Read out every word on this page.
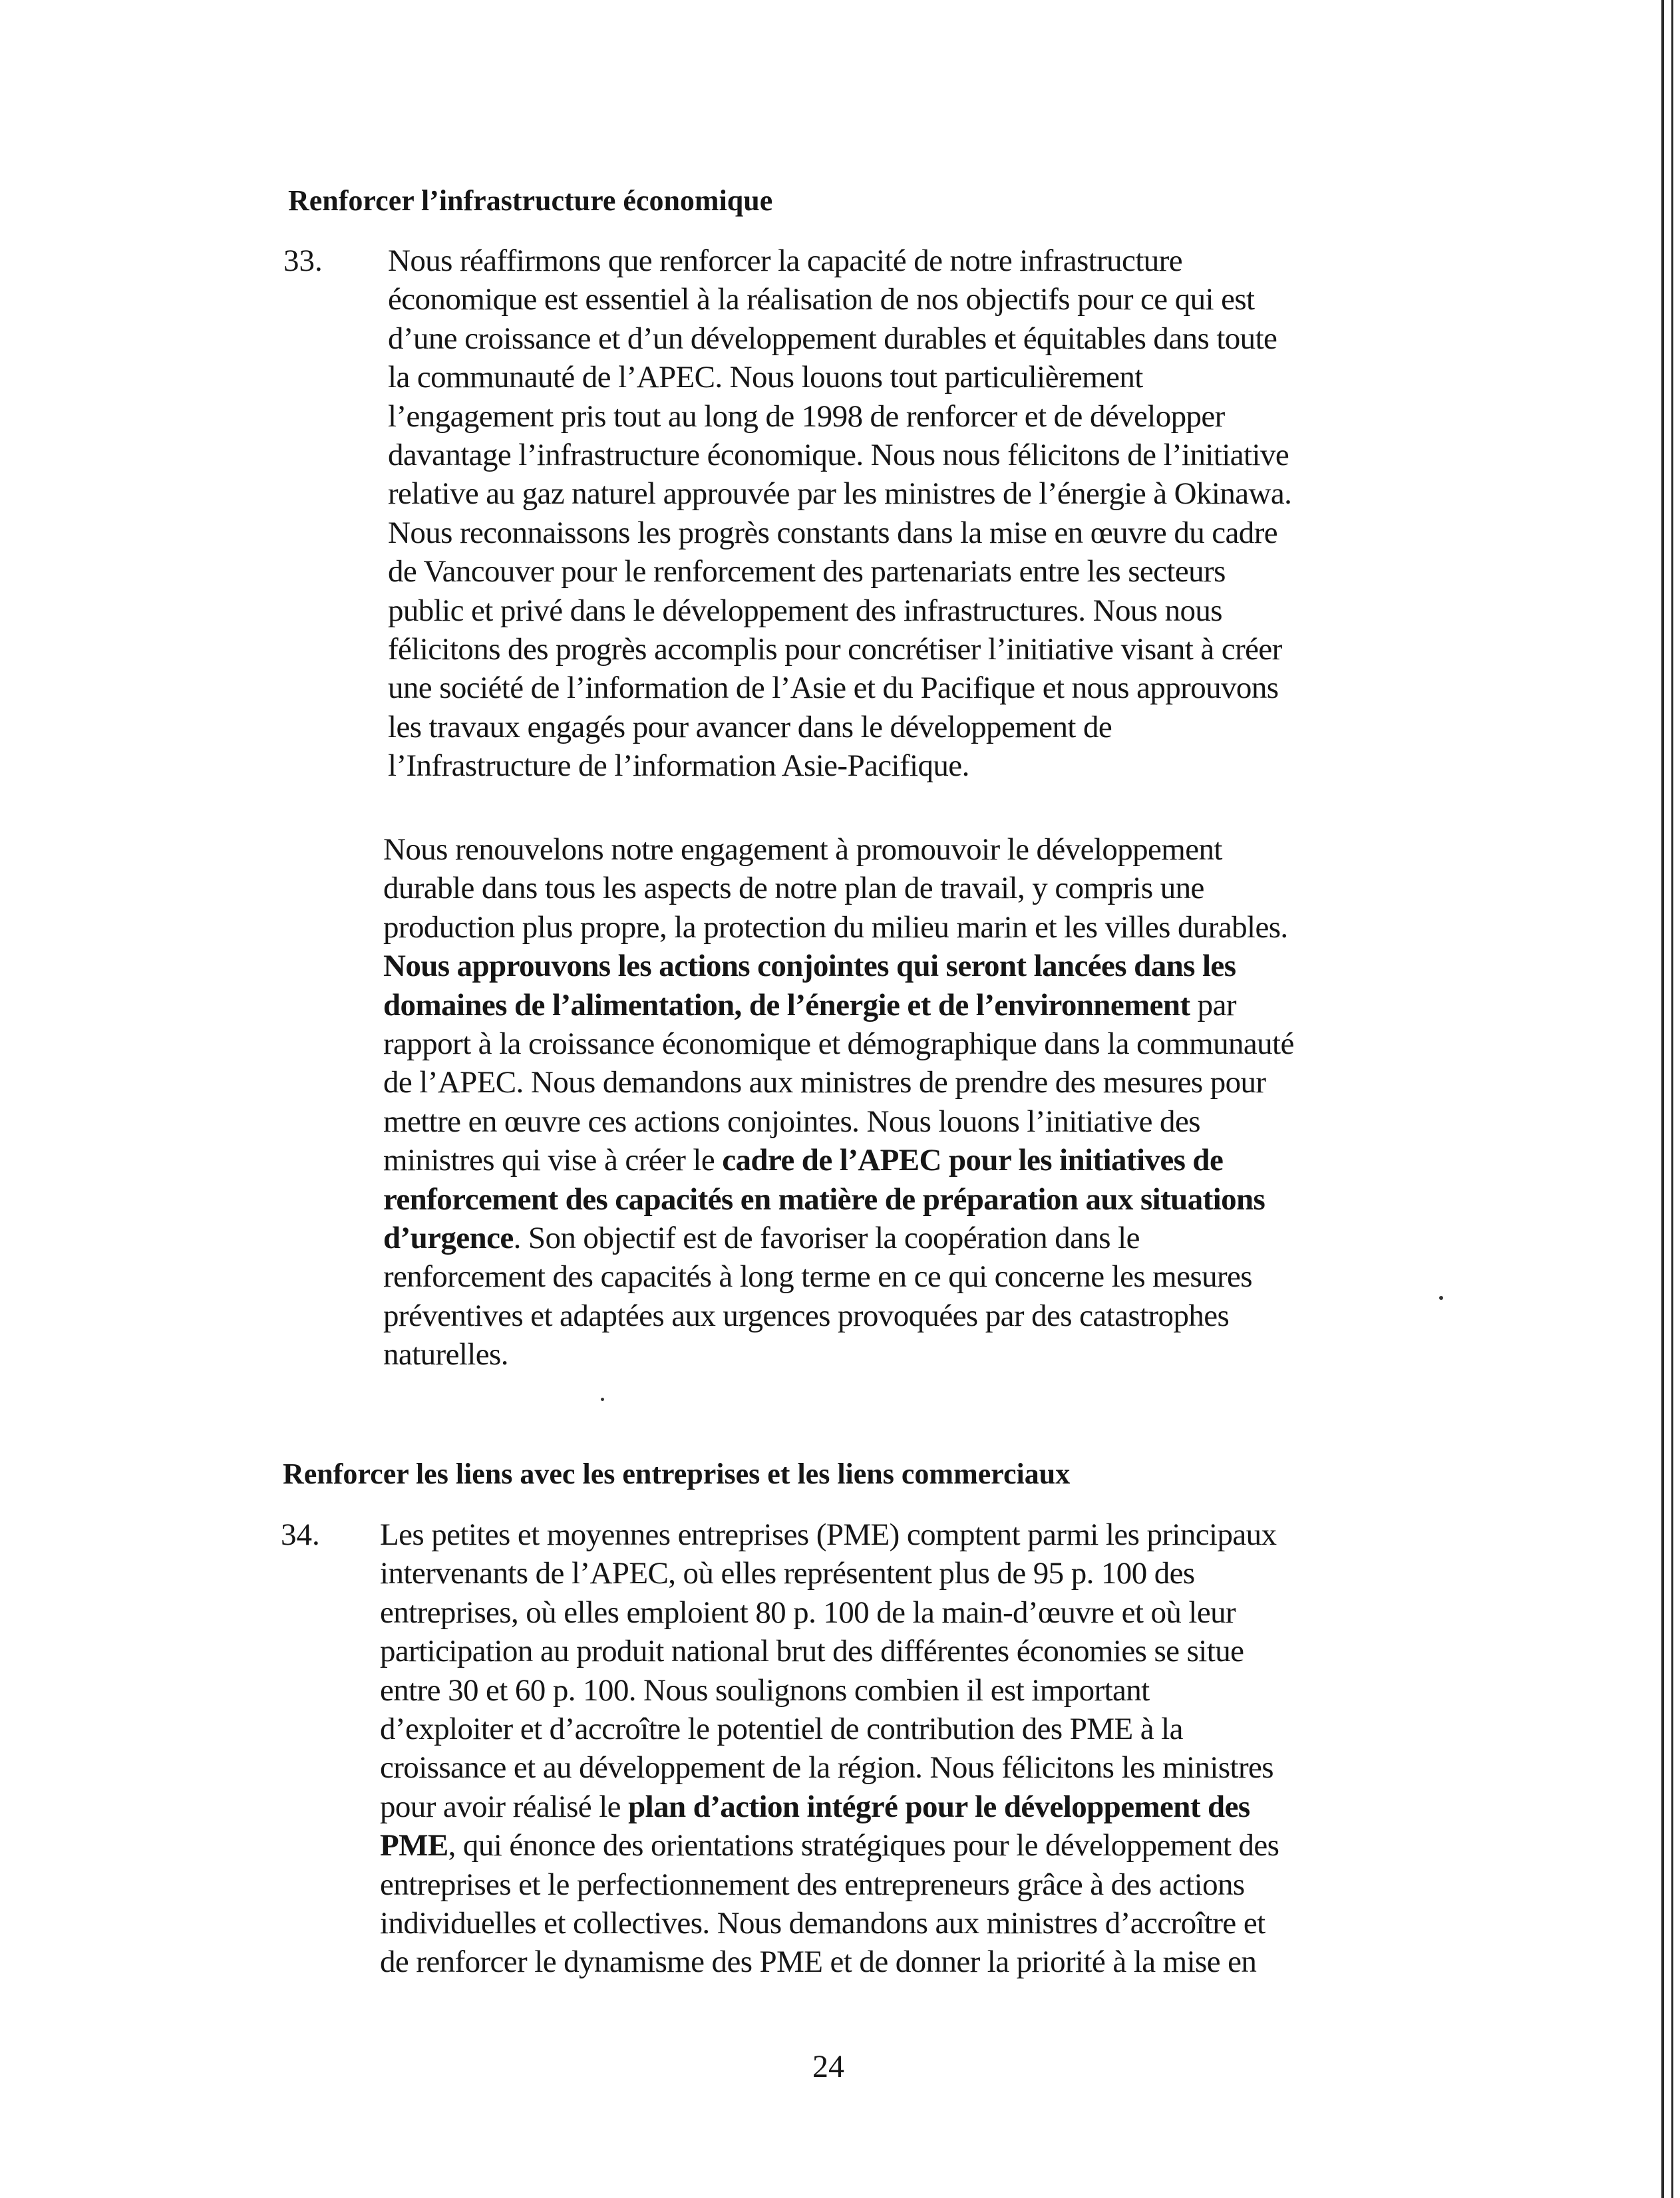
Renforcer l’infrastructure économique
33. Nous réaffirmons que renforcer la capacité de notre infrastructure
économique est essentiel à la réalisation de nos objectifs pour ce qui est
d’une croissance et d’un développement durables et équitables dans toute
la communauté de l’APEC. Nous louons tout particulièrement
l’engagement pris tout au long de 1998 de renforcer et de développer
davantage l’infrastructure économique. Nous nous félicitons de l’initiative
relative au gaz naturel approuvée par les ministres de l’énergie à Okinawa.
Nous reconnaissons les progrès constants dans la mise en œuvre du cadre
de Vancouver pour le renforcement des partenariats entre les secteurs
public et privé dans le développement des infrastructures. Nous nous
félicitons des progrès accomplis pour concrétiser l’initiative visant à créer
une société de l’information de l’Asie et du Pacifique et nous approuvons
les travaux engagés pour avancer dans le développement de
l’Infrastructure de l’information Asie-Pacifique.
Nous renouvelons notre engagement à promouvoir le développement
durable dans tous les aspects de notre plan de travail, y compris une
production plus propre, la protection du milieu marin et les villes durables.
Nous approuvons les actions conjointes qui seront lancées dans les
domaines de l’alimentation, de l’énergie et de l’environnement par
rapport à la croissance économique et démographique dans la communauté
de l’APEC. Nous demandons aux ministres de prendre des mesures pour
mettre en œuvre ces actions conjointes. Nous louons l’initiative des
ministres qui vise à créer le cadre de l’APEC pour les initiatives de
renforcement des capacités en matière de préparation aux situations
d’urgence. Son objectif est de favoriser la coopération dans le
renforcement des capacités à long terme en ce qui concerne les mesures
préventives et adaptées aux urgences provoquées par des catastrophes
naturelles.
Renforcer les liens avec les entreprises et les liens commerciaux
34. Les petites et moyennes entreprises (PME) comptent parmi les principaux
intervenants de l’APEC, où elles représentent plus de 95 p. 100 des
entreprises, où elles emploient 80 p. 100 de la main-d’œuvre et où leur
participation au produit national brut des différentes économies se situe
entre 30 et 60 p. 100. Nous soulignons combien il est important
d’exploiter et d’accroître le potentiel de contribution des PME à la
croissance et au développement de la région. Nous félicitons les ministres
pour avoir réalisé le plan d’action intégré pour le développement des
PME, qui énonce des orientations stratégiques pour le développement des
entreprises et le perfectionnement des entrepreneurs grâce à des actions
individuelles et collectives. Nous demandons aux ministres d’accroître et
de renforcer le dynamisme des PME et de donner la priorité à la mise en
24
